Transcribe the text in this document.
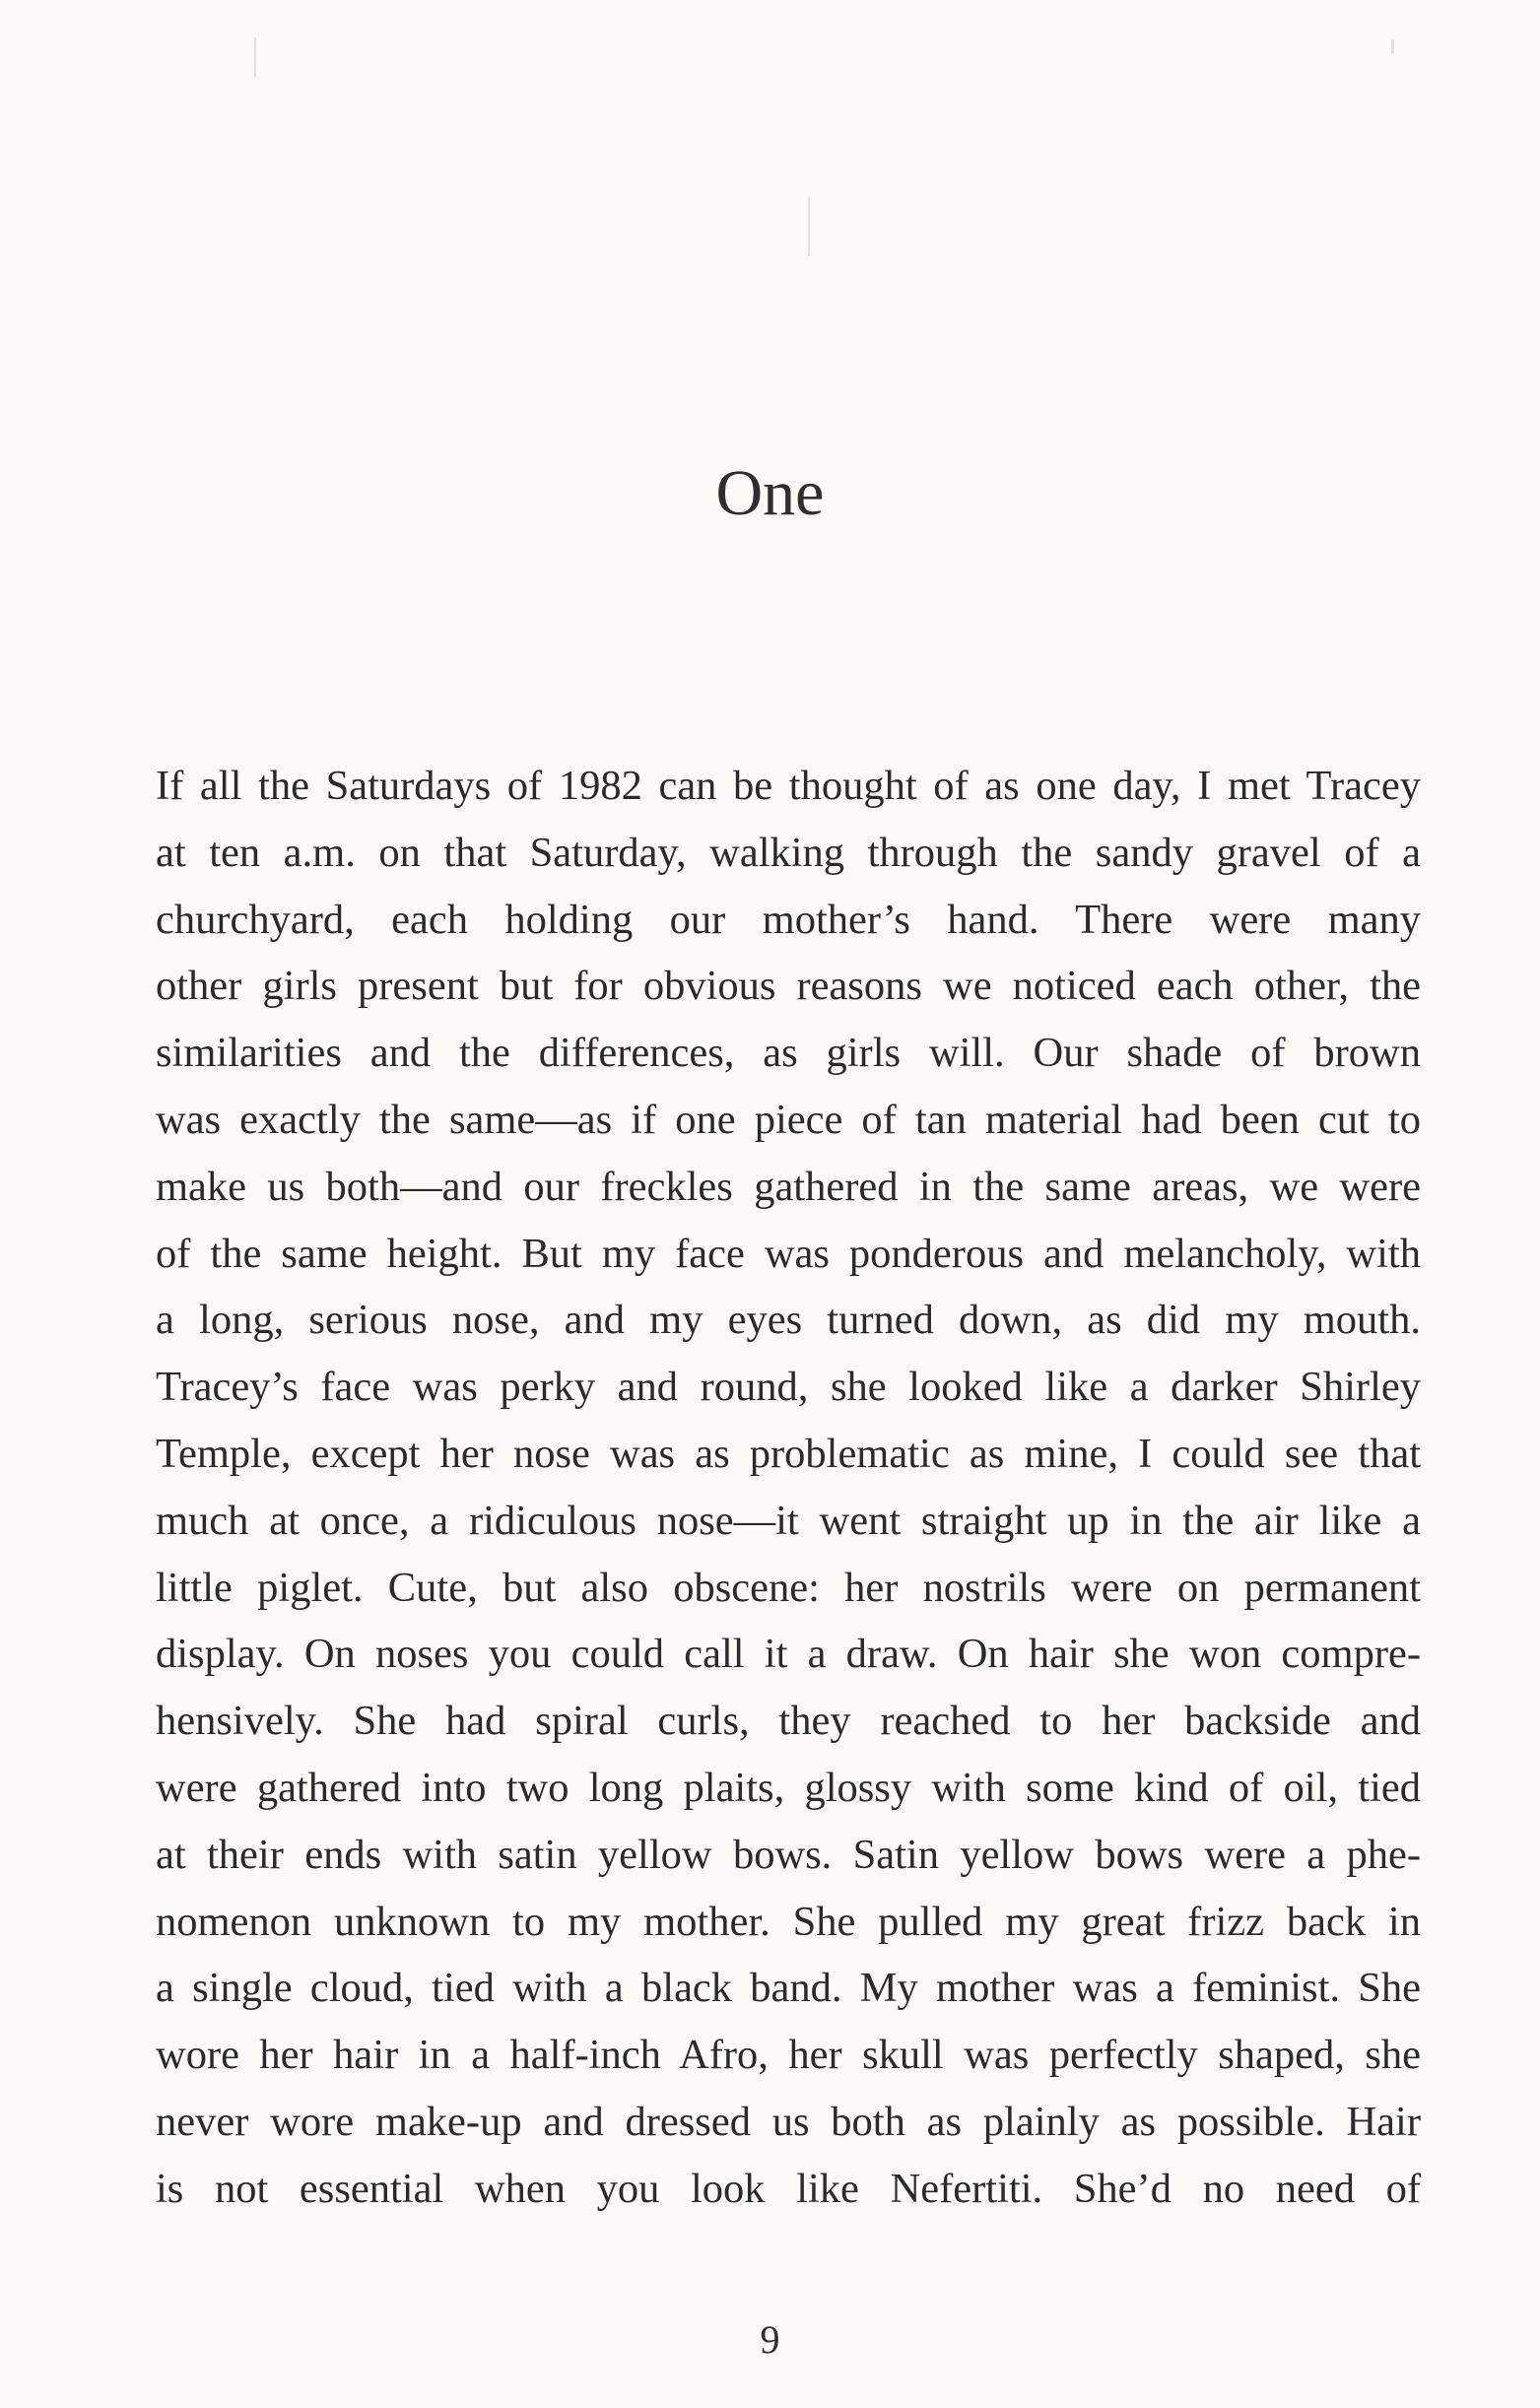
One
If all the Saturdays of 1982 can be thought of as one day, I met Tracey
at ten a.m. on that Saturday, walking through the sandy gravel of a
churchyard, each holding our mother’s hand. There were many
other girls present but for obvious reasons we noticed each other, the
similarities and the differences, as girls will. Our shade of brown
was exactly the same—as if one piece of tan material had been cut to
make us both—and our freckles gathered in the same areas, we were
of the same height. But my face was ponderous and melancholy, with
a long, serious nose, and my eyes turned down, as did my mouth.
Tracey’s face was perky and round, she looked like a darker Shirley
Temple, except her nose was as problematic as mine, I could see that
much at once, a ridiculous nose—it went straight up in the air like a
little piglet. Cute, but also obscene: her nostrils were on permanent
display. On noses you could call it a draw. On hair she won compre-
hensively. She had spiral curls, they reached to her backside and
were gathered into two long plaits, glossy with some kind of oil, tied
at their ends with satin yellow bows. Satin yellow bows were a phe-
nomenon unknown to my mother. She pulled my great frizz back in
a single cloud, tied with a black band. My mother was a feminist. She
wore her hair in a half-inch Afro, her skull was perfectly shaped, she
never wore make-up and dressed us both as plainly as possible. Hair
is not essential when you look like Nefertiti. She’d no need of
9
